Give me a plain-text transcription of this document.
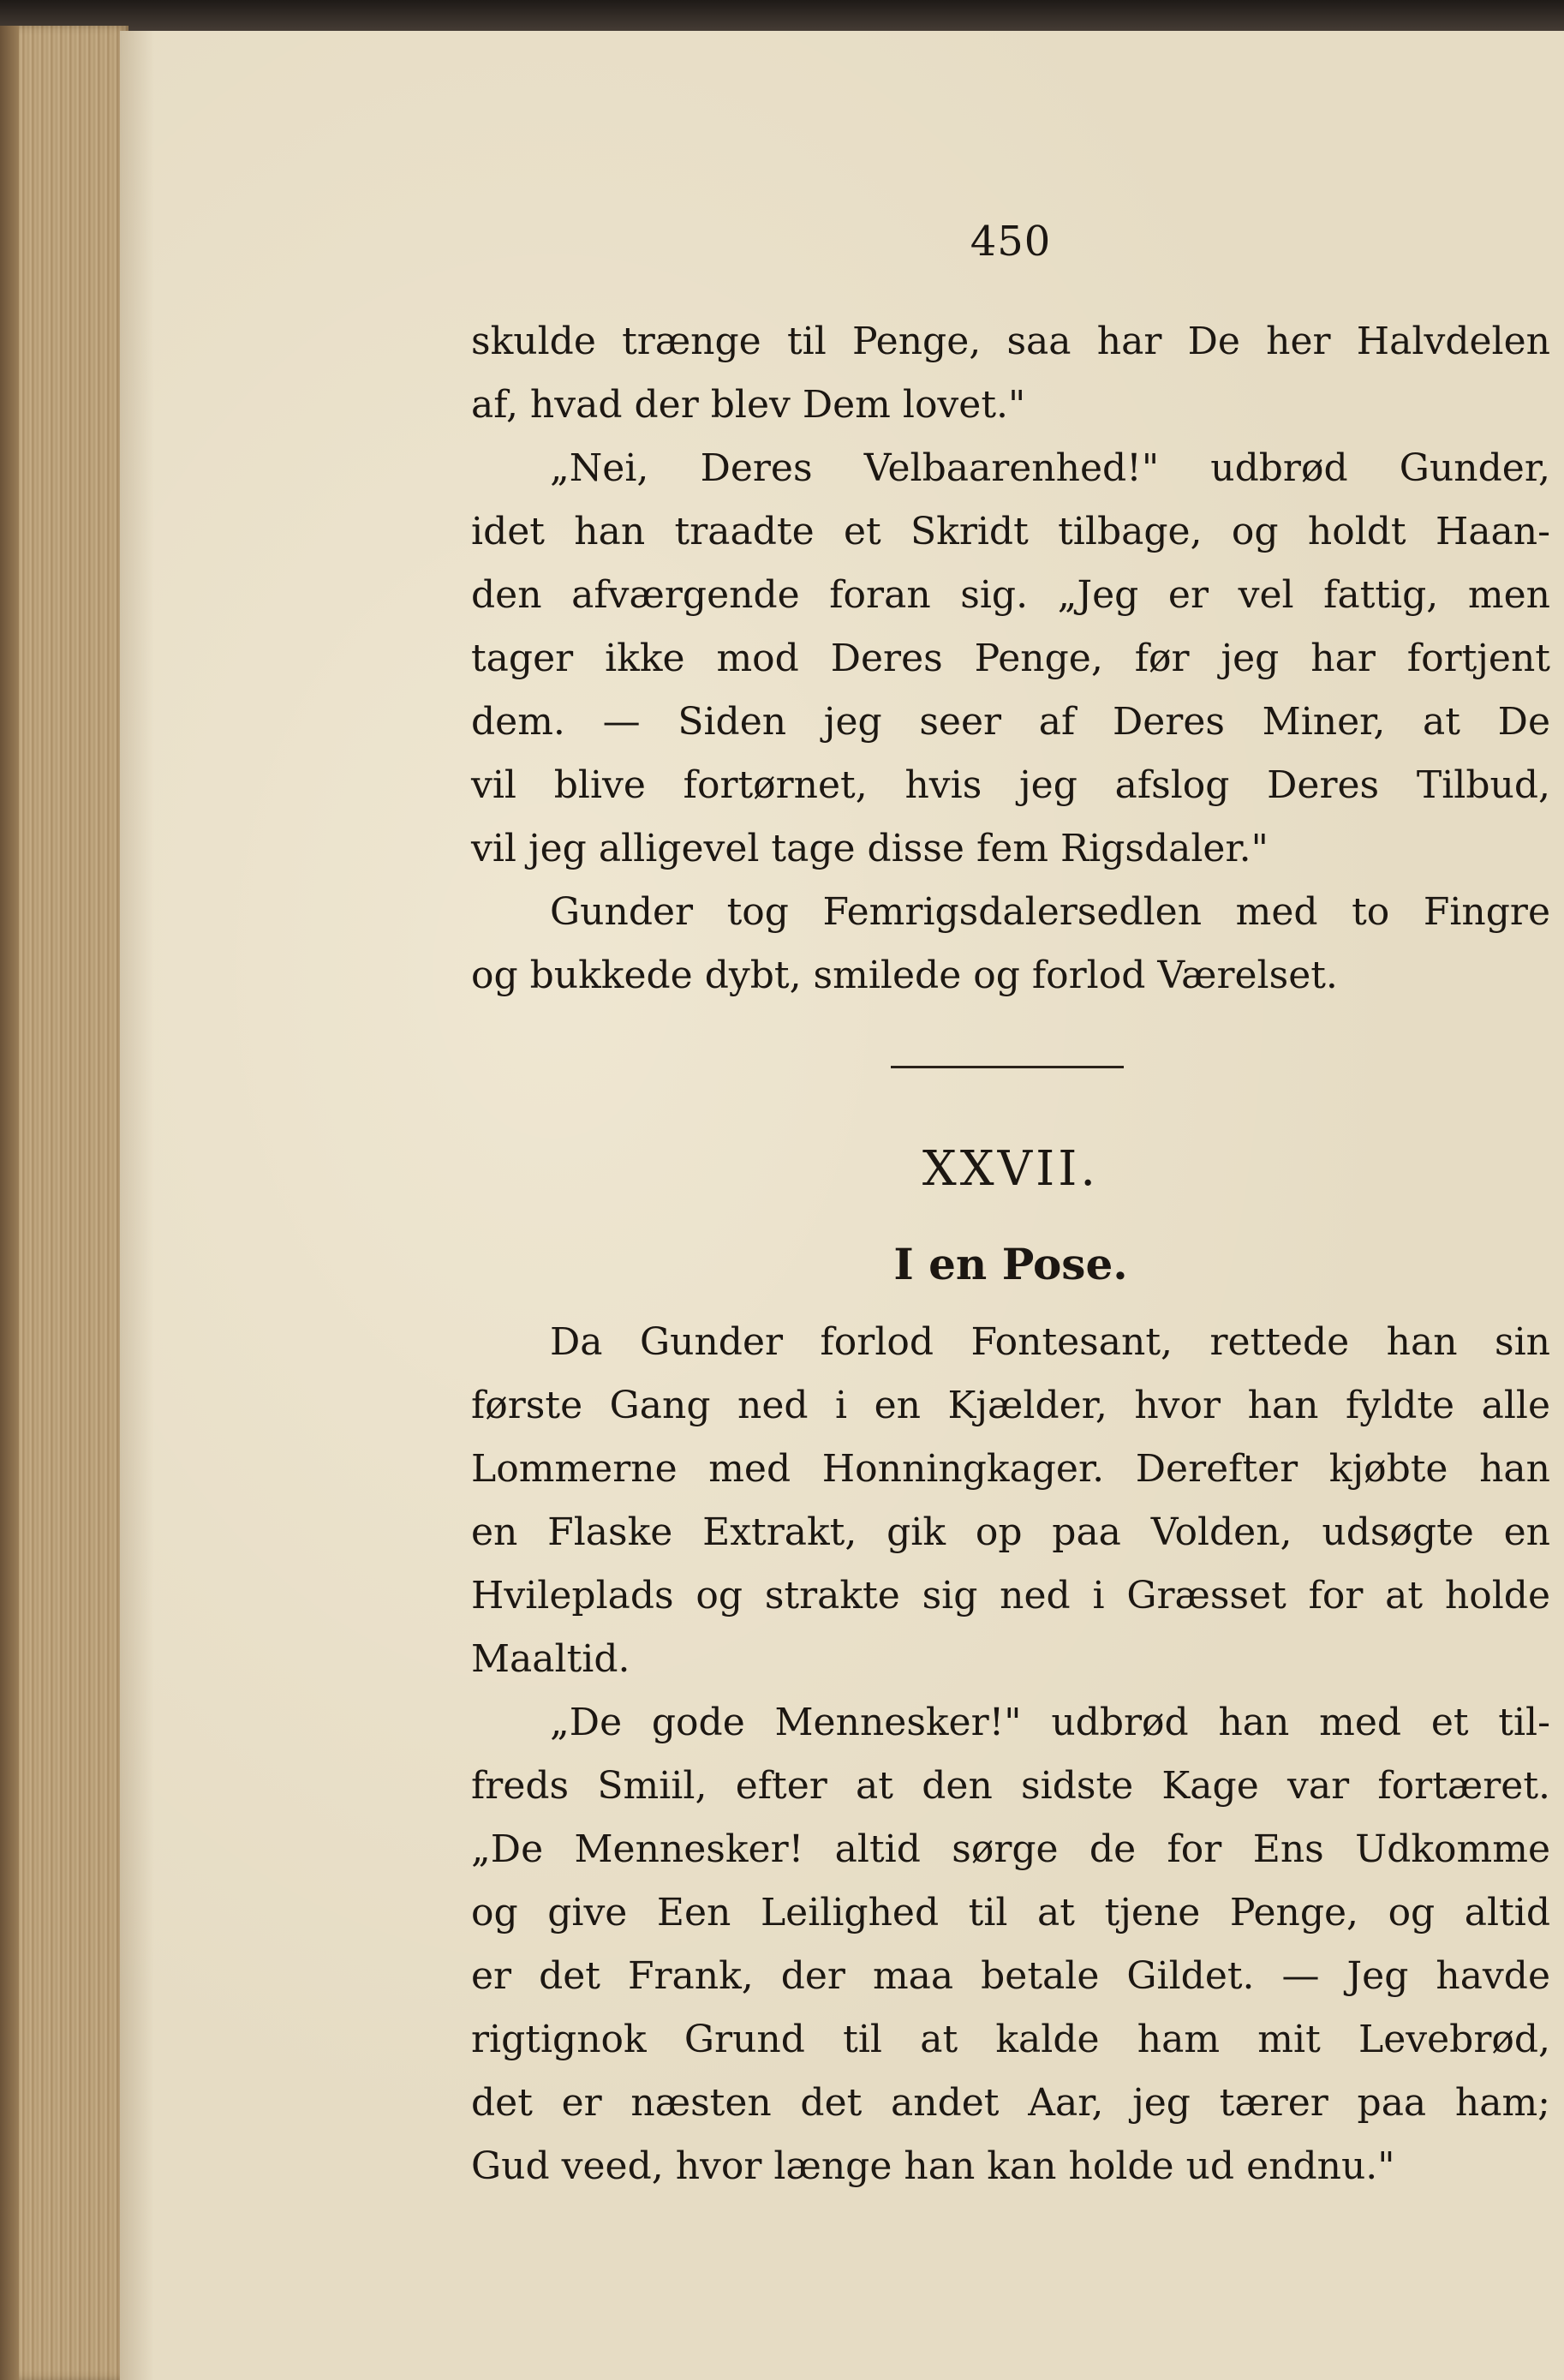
450
skulde trænge til Penge, saa har De her Halvdelen
af, hvad der blev Dem lovet."
„Nei, Deres Velbaarenhed!" udbrød Gunder,
idet han traadte et Skridt tilbage, og holdt Haan-
den afværgende foran sig. „Jeg er vel fattig, men
tager ikke mod Deres Penge, før jeg har fortjent
dem. — Siden jeg seer af Deres Miner, at De
vil blive fortørnet, hvis jeg afslog Deres Tilbud,
vil jeg alligevel tage disse fem Rigsdaler."
Gunder tog Femrigsdalersedlen med to Fingre
og bukkede dybt, smilede og forlod Værelset.
XXVII.
I en Pose.
Da Gunder forlod Fontesant, rettede han sin
første Gang ned i en Kjælder, hvor han fyldte alle
Lommerne med Honningkager. Derefter kjøbte han
en Flaske Extrakt, gik op paa Volden, udsøgte en
Hvileplads og strakte sig ned i Græsset for at holde
Maaltid.
„De gode Mennesker!" udbrød han med et til-
freds Smiil, efter at den sidste Kage var fortæret.
„De Mennesker! altid sørge de for Ens Udkomme
og give Een Leilighed til at tjene Penge, og altid
er det Frank, der maa betale Gildet. — Jeg havde
rigtignok Grund til at kalde ham mit Levebrød,
det er næsten det andet Aar, jeg tærer paa ham;
Gud veed, hvor længe han kan holde ud endnu."
